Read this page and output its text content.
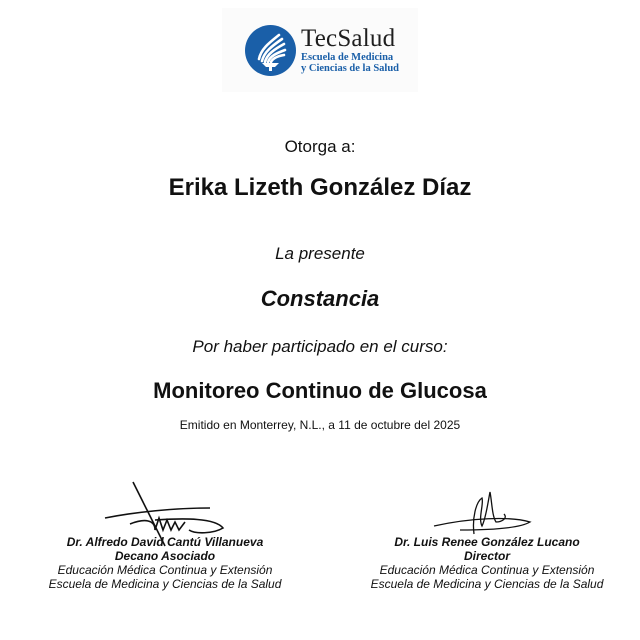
TecSalud
Escuela de Medicina
y Ciencias de la Salud
Otorga a:
Erika Lizeth González Díaz
La presente
Constancia
Por haber participado en el curso:
Monitoreo Continuo de Glucosa
Emitido en Monterrey, N.L., a 11 de octubre del 2025
Dr. Alfredo David Cantú Villanueva
Decano Asociado
Educación Médica Continua y Extensión
Escuela de Medicina y Ciencias de la Salud
Dr. Luis Renee González Lucano
Director
Educación Médica Continua y Extensión
Escuela de Medicina y Ciencias de la Salud
